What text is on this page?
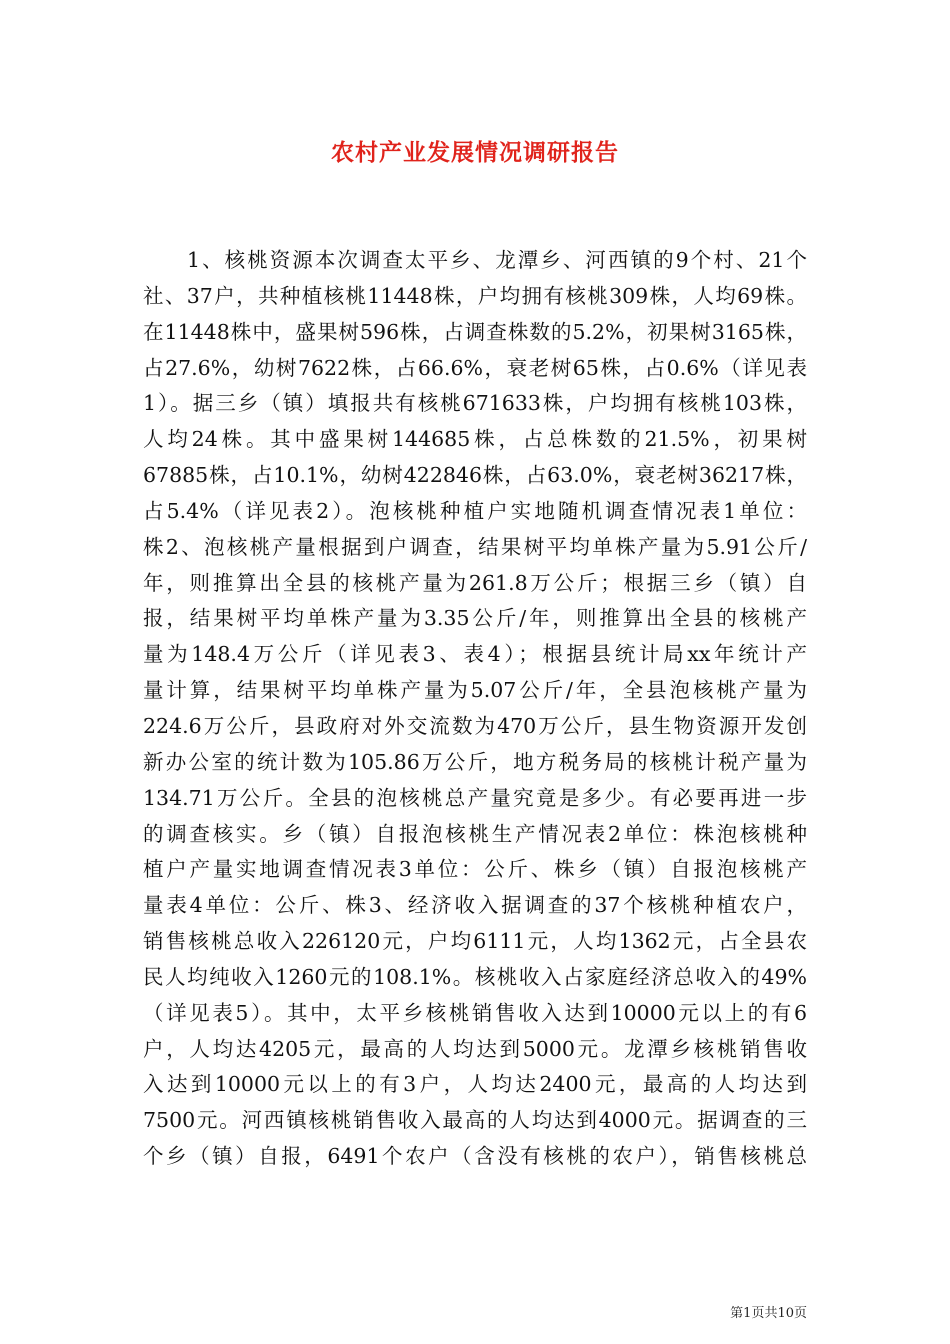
农村产业发展情况调研报告
1、核桃资源本次调查太平乡、龙潭乡、河西镇的9个村、21个
社、37户，共种植核桃11448株，户均拥有核桃309株，人均69株。
在11448株中，盛果树596株，占调查株数的5.2%，初果树3165株，
占27.6%，幼树7622株，占66.6%，衰老树65株，占0.6%（详见表
1）。据三乡（镇）填报共有核桃671633株，户均拥有核桃103株，
人均24株。其中盛果树144685株，占总株数的21.5%，初果树
67885株，占10.1%，幼树422846株，占63.0%，衰老树36217株，
占5.4%（详见表2）。泡核桃种植户实地随机调查情况表1单位：
株2、泡核桃产量根据到户调查，结果树平均单株产量为5.91公斤/
年，则推算出全县的核桃产量为261.8万公斤；根据三乡（镇）自
报，结果树平均单株产量为3.35公斤/年，则推算出全县的核桃产
量为148.4万公斤（详见表3、表4）；根据县统计局xx年统计产
量计算，结果树平均单株产量为5.07公斤/年，全县泡核桃产量为
224.6万公斤，县政府对外交流数为470万公斤，县生物资源开发创
新办公室的统计数为105.86万公斤，地方税务局的核桃计税产量为
134.71万公斤。全县的泡核桃总产量究竟是多少。有必要再进一步
的调查核实。乡（镇）自报泡核桃生产情况表2单位：株泡核桃种
植户产量实地调查情况表3单位：公斤、株乡（镇）自报泡核桃产
量表4单位：公斤、株3、经济收入据调查的37个核桃种植农户，
销售核桃总收入226120元，户均6111元，人均1362元，占全县农
民人均纯收入1260元的108.1%。核桃收入占家庭经济总收入的49%
（详见表5）。其中，太平乡核桃销售收入达到10000元以上的有6
户，人均达4205元，最高的人均达到5000元。龙潭乡核桃销售收
入达到10000元以上的有3户，人均达2400元，最高的人均达到
7500元。河西镇核桃销售收入最高的人均达到4000元。据调查的三
个乡（镇）自报，6491个农户（含没有核桃的农户），销售核桃总
第1页共10页
